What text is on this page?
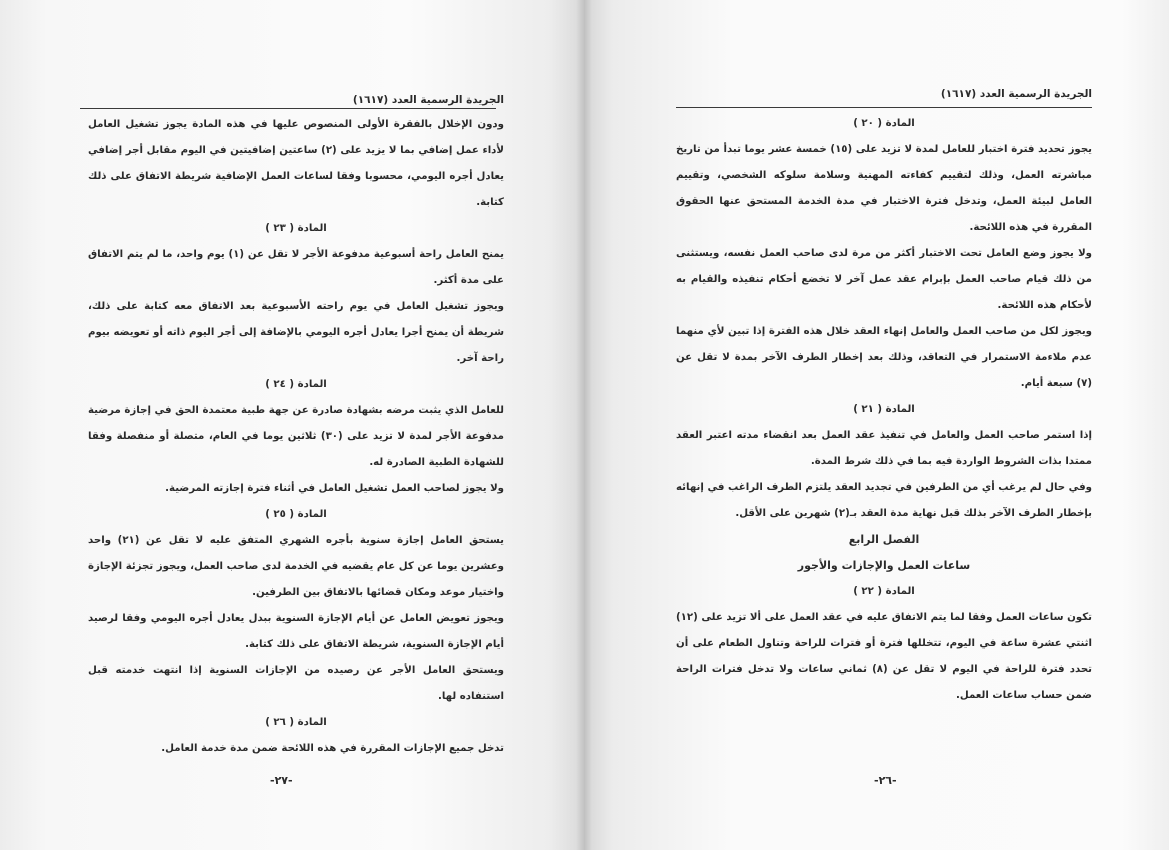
الجريدة الرسمية العدد (١٦١٧)

ودون الإخلال بالفقرة الأولى المنصوص عليها في هذه المادة يجوز تشغيل العامل لأداء عمل إضافي بما لا يزيد على (٢) ساعتين إضافيتين في اليوم مقابل أجر إضافي يعادل أجره اليومي، محسوبا وفقا لساعات العمل الإضافية شريطة الاتفاق على ذلك كتابة.

المادة ( ٢٣ )

يمنح العامل راحة أسبوعية مدفوعة الأجر لا تقل عن (١) يوم واحد، ما لم يتم الاتفاق على مدة أكثر.

ويجوز تشغيل العامل في يوم راحته الأسبوعية بعد الاتفاق معه كتابة على ذلك، شريطة أن يمنح أجرا يعادل أجره اليومي بالإضافة إلى أجر اليوم ذاته أو تعويضه بيوم راحة آخر.

المادة ( ٢٤ )

للعامل الذي يثبت مرضه بشهادة صادرة عن جهة طبية معتمدة الحق في إجازة مرضية مدفوعة الأجر لمدة لا تزيد على (٣٠) ثلاثين يوما في العام، متصلة أو منفصلة وفقا للشهادة الطبية الصادرة له.

ولا يجوز لصاحب العمل تشغيل العامل في أثناء فترة إجازته المرضية.

المادة ( ٢٥ )

يستحق العامل إجازة سنوية بأجره الشهري المتفق عليه لا تقل عن (٢١) واحد وعشرين يوما عن كل عام يقضيه في الخدمة لدى صاحب العمل، ويجوز تجزئة الإجازة واختيار موعد ومكان قضائها بالاتفاق بين الطرفين.

ويجوز تعويض العامل عن أيام الإجازة السنوية ببدل يعادل أجره اليومي وفقا لرصيد أيام الإجازة السنوية، شريطة الاتفاق على ذلك كتابة.

ويستحق العامل الأجر عن رصيده من الإجازات السنوية إذا انتهت خدمته قبل استنفاده لها.

المادة ( ٢٦ )

تدخل جميع الإجازات المقررة في هذه اللائحة ضمن مدة خدمة العامل.

-٢٧-
الجريدة الرسمية العدد (١٦١٧)

المادة ( ٢٠ )

يجوز تحديد فترة اختبار للعامل لمدة لا تزيد على (١٥) خمسة عشر يوما تبدأ من تاريخ مباشرته العمل، وذلك لتقييم كفاءته المهنية وسلامة سلوكه الشخصي، وتقييم العامل لبيئة العمل، وتدخل فترة الاختبار في مدة الخدمة المستحق عنها الحقوق المقررة في هذه اللائحة.

ولا يجوز وضع العامل تحت الاختبار أكثر من مرة لدى صاحب العمل نفسه، ويستثنى من ذلك قيام صاحب العمل بإبرام عقد عمل آخر لا تخضع أحكام تنفيذه والقيام به لأحكام هذه اللائحة.

ويجوز لكل من صاحب العمل والعامل إنهاء العقد خلال هذه الفترة إذا تبين لأي منهما عدم ملاءمة الاستمرار في التعاقد، وذلك بعد إخطار الطرف الآخر بمدة لا تقل عن (٧) سبعة أيام.

المادة ( ٢١ )

إذا استمر صاحب العمل والعامل في تنفيذ عقد العمل بعد انقضاء مدته اعتبر العقد ممتدا بذات الشروط الواردة فيه بما في ذلك شرط المدة.

وفي حال لم يرغب أي من الطرفين في تجديد العقد يلتزم الطرف الراغب في إنهائه بإخطار الطرف الآخر بذلك قبل نهاية مدة العقد بـ(٢) شهرين على الأقل.

الفصل الرابع

ساعات العمل والإجازات والأجور

المادة ( ٢٢ )

تكون ساعات العمل وفقا لما يتم الاتفاق عليه في عقد العمل على ألا تزيد على (١٢) اثنتي عشرة ساعة في اليوم، تتخللها فترة أو فترات للراحة وتناول الطعام على أن تحدد فترة للراحة في اليوم لا تقل عن (٨) ثماني ساعات ولا تدخل فترات الراحة ضمن حساب ساعات العمل.

-٢٦-
